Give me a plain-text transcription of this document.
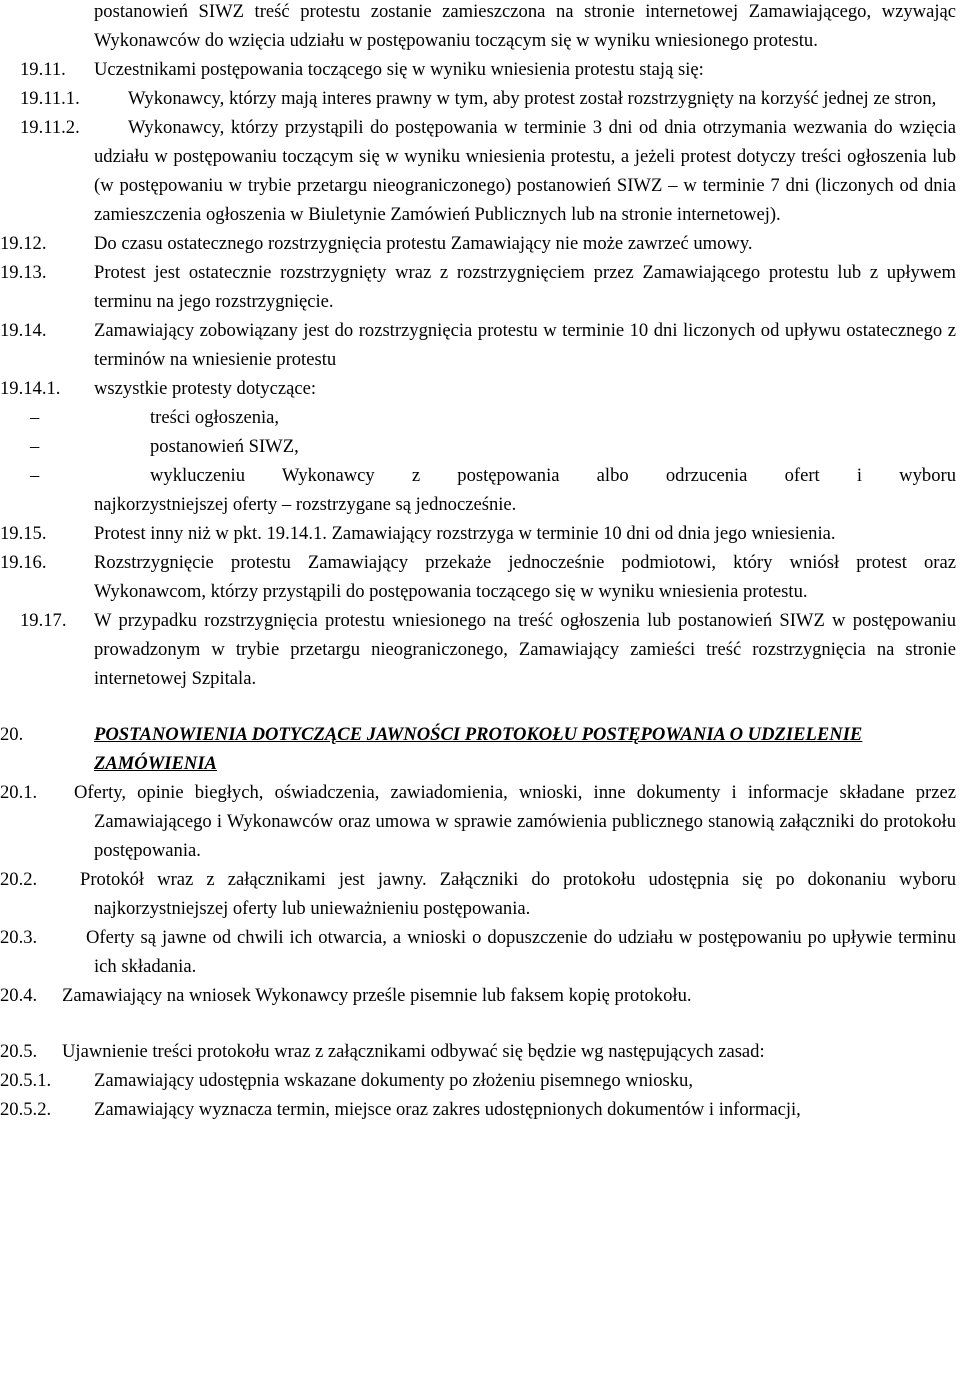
postanowień SIWZ treść protestu zostanie zamieszczona na stronie internetowej Zamawiającego, wzywając Wykonawców do wzięcia udziału w postępowaniu toczącym się w wyniku wniesionego protestu.
19.11. Uczestnikami postępowania toczącego się w wyniku wniesienia protestu stają się:
19.11.1.	Wykonawcy, którzy mają interes prawny w tym, aby protest został rozstrzygnięty na korzyść jednej ze stron,
19.11.2.	Wykonawcy, którzy przystąpili do postępowania w terminie 3 dni od dnia otrzymania wezwania do wzięcia udziału w postępowaniu toczącym się w wyniku wniesienia protestu, a jeżeli protest dotyczy treści ogłoszenia lub (w postępowaniu w trybie przetargu nieograniczonego) postanowień SIWZ – w terminie 7 dni (liczonych od dnia zamieszczenia ogłoszenia w Biuletynie Zamówień Publicznych lub na stronie internetowej).
19.12.	Do czasu ostatecznego rozstrzygnięcia protestu Zamawiający nie może zawrzeć umowy.
19.13.	Protest jest ostatecznie rozstrzygnięty wraz z rozstrzygnięciem przez Zamawiającego protestu lub z upływem terminu na jego rozstrzygnięcie.
19.14.	Zamawiający zobowiązany jest do rozstrzygnięcia protestu w terminie 10 dni liczonych od upływu ostatecznego z terminów na wniesienie protestu
19.14.1. wszystkie protesty dotyczące:
–	treści ogłoszenia,
–	postanowień SIWZ,
–	wykluczeniu Wykonawcy z postępowania albo odrzucenia ofert i wyboru
najkorzystniejszej oferty – rozstrzygane są jednocześnie.
19.15.	Protest inny niż w pkt. 19.14.1. Zamawiający rozstrzyga w terminie 10 dni od dnia jego wniesienia.
19.16.	Rozstrzygnięcie protestu Zamawiający przekaże jednocześnie podmiotowi, który wniósł protest oraz Wykonawcom, którzy przystąpili do postępowania toczącego się w wyniku wniesienia protestu.
19.17. W przypadku rozstrzygnięcia protestu wniesionego na treść ogłoszenia lub postanowień SIWZ w postępowaniu prowadzonym w trybie przetargu nieograniczonego, Zamawiający zamieści treść rozstrzygnięcia na stronie internetowej Szpitala.
20.	POSTANOWIENIA DOTYCZĄCE JAWNOŚCI PROTOKOŁU POSTĘPOWANIA O UDZIELENIE ZAMÓWIENIA
20.1. Oferty, opinie biegłych, oświadczenia, zawiadomienia, wnioski, inne dokumenty i informacje składane przez Zamawiającego i Wykonawców oraz umowa w sprawie zamówienia publicznego stanowią załączniki do protokołu postępowania.
20.2. Protokół wraz z załącznikami jest jawny. Załączniki do protokołu udostępnia się po dokonaniu wyboru najkorzystniejszej oferty lub unieważnieniu postępowania.
20.3.	Oferty są jawne od chwili ich otwarcia, a wnioski o dopuszczenie do udziału w postępowaniu po upływie terminu ich składania.
20.4. Zamawiający na wniosek Wykonawcy prześle pisemnie lub faksem kopię protokołu.
20.5. Ujawnienie treści protokołu wraz z załącznikami odbywać się będzie wg następujących zasad:
20.5.1. Zamawiający udostępnia wskazane dokumenty po złożeniu pisemnego wniosku,
20.5.2. Zamawiający wyznacza termin, miejsce oraz zakres udostępnionych dokumentów i informacji,
